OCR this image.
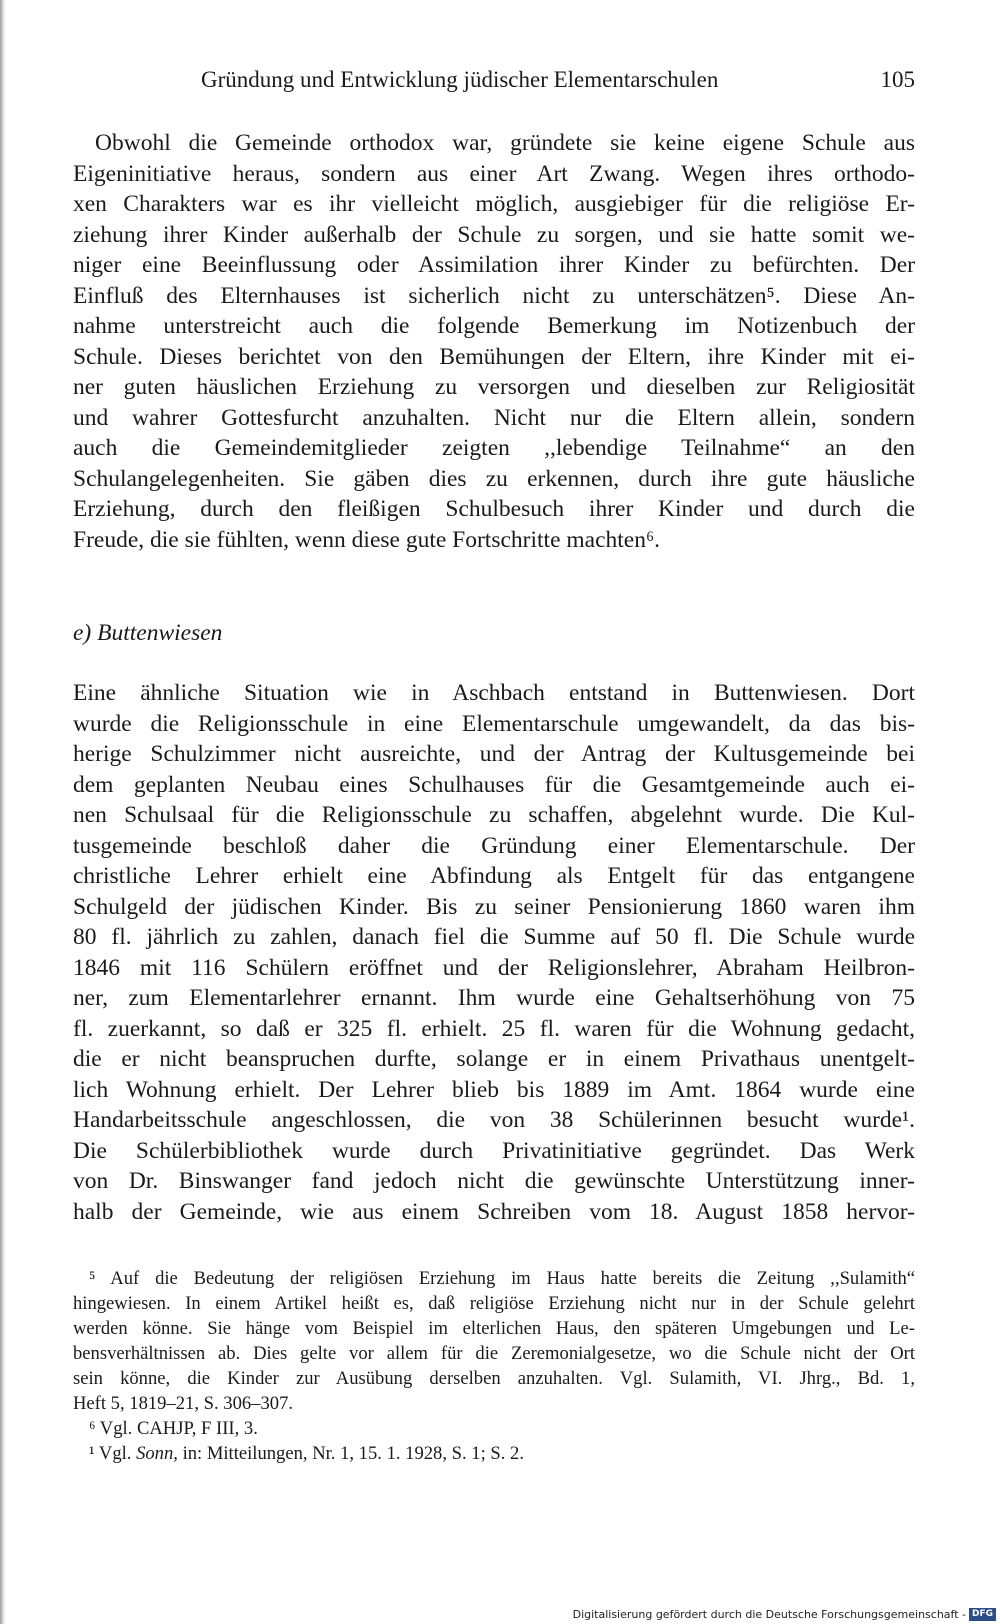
Gründung und Entwicklung jüdischer Elementarschulen	105
Obwohl die Gemeinde orthodox war, gründete sie keine eigene Schule aus
Eigeninitiative heraus, sondern aus einer Art Zwang. Wegen ihres orthodo-
xen Charakters war es ihr vielleicht möglich, ausgiebiger für die religiöse Er-
ziehung ihrer Kinder außerhalb der Schule zu sorgen, und sie hatte somit we-
niger eine Beeinflussung oder Assimilation ihrer Kinder zu befürchten. Der
Einfluß des Elternhauses ist sicherlich nicht zu unterschätzen⁵. Diese An-
nahme unterstreicht auch die folgende Bemerkung im Notizenbuch der
Schule. Dieses berichtet von den Bemühungen der Eltern, ihre Kinder mit ei-
ner guten häuslichen Erziehung zu versorgen und dieselben zur Religiosität
und wahrer Gottesfurcht anzuhalten. Nicht nur die Eltern allein, sondern
auch die Gemeindemitglieder zeigten ,,lebendige Teilnahme“ an den
Schulangelegenheiten. Sie gäben dies zu erkennen, durch ihre gute häusliche
Erziehung, durch den fleißigen Schulbesuch ihrer Kinder und durch die
Freude, die sie fühlten, wenn diese gute Fortschritte machten⁶.
e) Buttenwiesen
Eine ähnliche Situation wie in Aschbach entstand in Buttenwiesen. Dort
wurde die Religionsschule in eine Elementarschule umgewandelt, da das bis-
herige Schulzimmer nicht ausreichte, und der Antrag der Kultusgemeinde bei
dem geplanten Neubau eines Schulhauses für die Gesamtgemeinde auch ei-
nen Schulsaal für die Religionsschule zu schaffen, abgelehnt wurde. Die Kul-
tusgemeinde beschloß daher die Gründung einer Elementarschule. Der
christliche Lehrer erhielt eine Abfindung als Entgelt für das entgangene
Schulgeld der jüdischen Kinder. Bis zu seiner Pensionierung 1860 waren ihm
80 fl. jährlich zu zahlen, danach fiel die Summe auf 50 fl. Die Schule wurde
1846 mit 116 Schülern eröffnet und der Religionslehrer, Abraham Heilbron-
ner, zum Elementarlehrer ernannt. Ihm wurde eine Gehaltserhöhung von 75
fl. zuerkannt, so daß er 325 fl. erhielt. 25 fl. waren für die Wohnung gedacht,
die er nicht beanspruchen durfte, solange er in einem Privathaus unentgelt-
lich Wohnung erhielt. Der Lehrer blieb bis 1889 im Amt. 1864 wurde eine
Handarbeitsschule angeschlossen, die von 38 Schülerinnen besucht wurde¹.
Die Schülerbibliothek wurde durch Privatinitiative gegründet. Das Werk
von Dr. Binswanger fand jedoch nicht die gewünschte Unterstützung inner-
halb der Gemeinde, wie aus einem Schreiben vom 18. August 1858 hervor-
⁵ Auf die Bedeutung der religiösen Erziehung im Haus hatte bereits die Zeitung ,,Sulamith“
hingewiesen. In einem Artikel heißt es, daß religiöse Erziehung nicht nur in der Schule gelehrt
werden könne. Sie hänge vom Beispiel im elterlichen Haus, den späteren Umgebungen und Le-
bensverhältnissen ab. Dies gelte vor allem für die Zeremonialgesetze, wo die Schule nicht der Ort
sein könne, die Kinder zur Ausübung derselben anzuhalten. Vgl. Sulamith, VI. Jhrg., Bd. 1,
Heft 5, 1819–21, S. 306–307.
⁶ Vgl. CAHJP, F III, 3.
¹ Vgl. Sonn, in: Mitteilungen, Nr. 1, 15. 1. 1928, S. 1; S. 2.
Digitalisierung gefördert durch die Deutsche Forschungsgemeinschaft - DFG
